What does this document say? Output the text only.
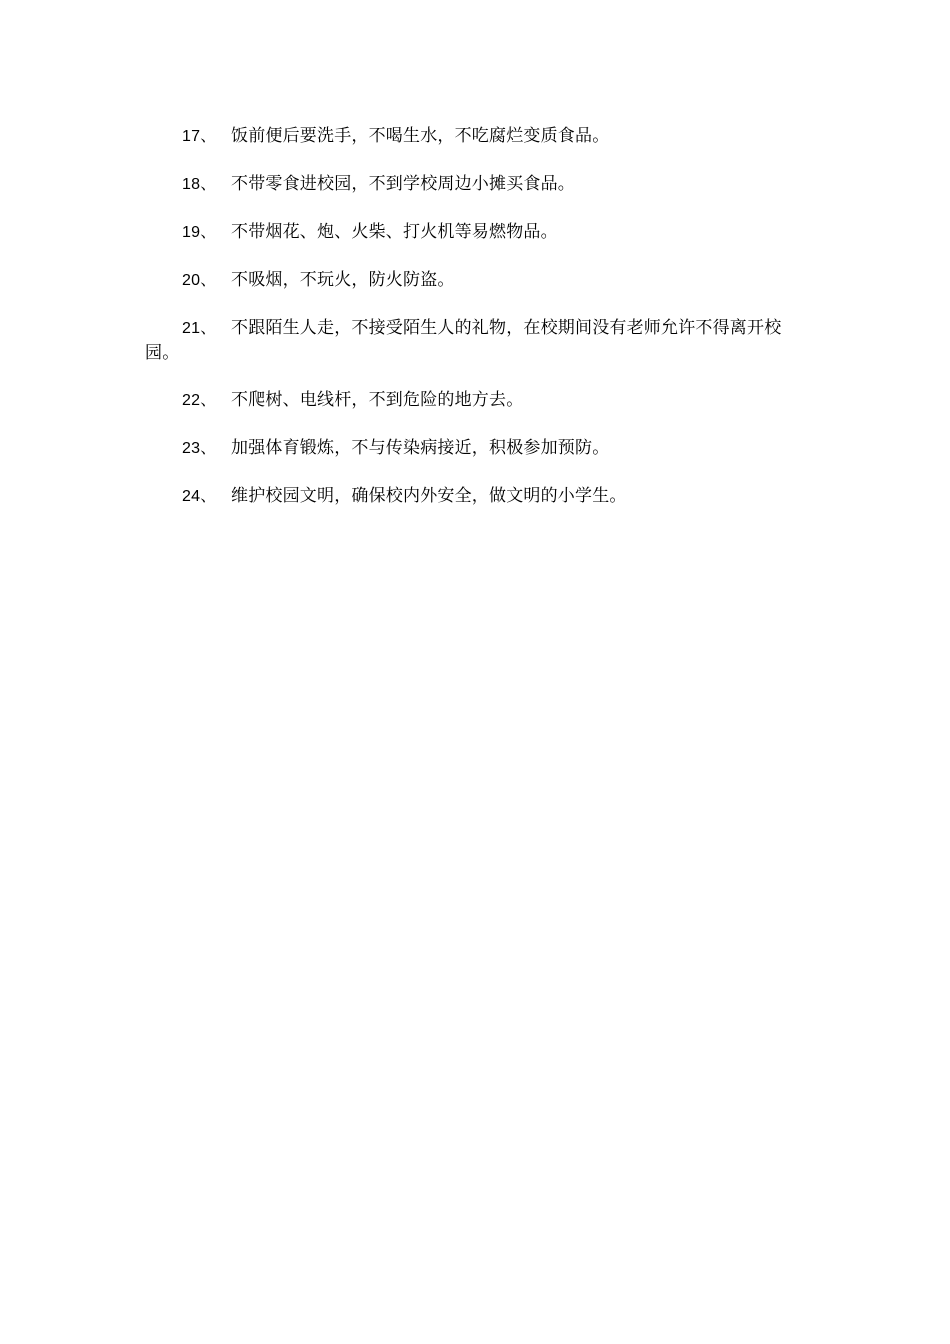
17、 饭前便后要洗手，不喝生水，不吃腐烂变质食品。

18、 不带零食进校园，不到学校周边小摊买食品。

19、 不带烟花、炮、火柴、打火机等易燃物品。

20、 不吸烟，不玩火，防火防盗。

21、 不跟陌生人走，不接受陌生人的礼物，在校期间没有老师允许不得离开校园。

22、 不爬树、电线杆，不到危险的地方去。

23、 加强体育锻炼，不与传染病接近，积极参加预防。

24、 维护校园文明，确保校内外安全，做文明的小学生。
